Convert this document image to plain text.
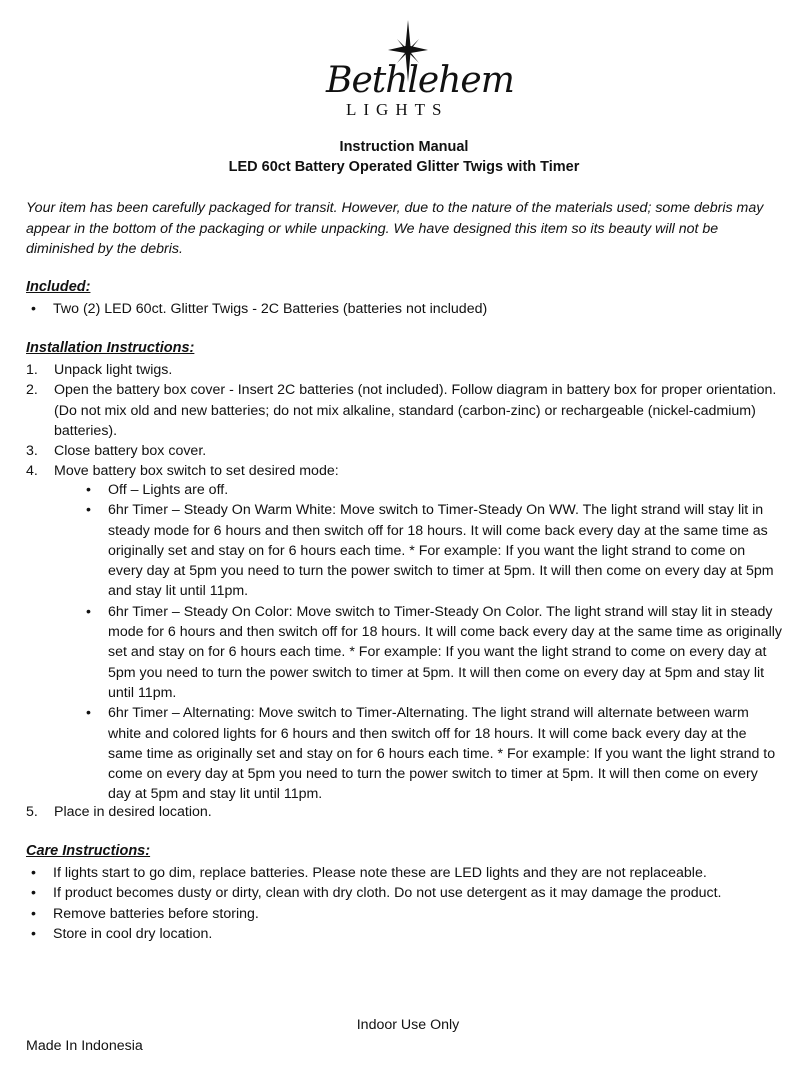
Bethlehem
LIGHTS
Instruction Manual
LED 60ct Battery Operated Glitter Twigs with Timer
Your item has been carefully packaged for transit. However, due to the nature of the materials used; some debris may appear in the bottom of the packaging or while unpacking. We have designed this item so its beauty will not be diminished by the debris.
Included:
• Two (2) LED 60ct. Glitter Twigs - 2C Batteries (batteries not included)
Installation Instructions:
1. Unpack light twigs.
2. Open the battery box cover - Insert 2C batteries (not included). Follow diagram in battery box for proper orientation. (Do not mix old and new batteries; do not mix alkaline, standard (carbon-zinc) or rechargeable (nickel-cadmium) batteries).
3. Close battery box cover.
4. Move battery box switch to set desired mode:
• Off – Lights are off.
• 6hr Timer – Steady On Warm White: Move switch to Timer-Steady On WW. The light strand will stay lit in steady mode for 6 hours and then switch off for 18 hours. It will come back every day at the same time as originally set and stay on for 6 hours each time. * For example: If you want the light strand to come on every day at 5pm you need to turn the power switch to timer at 5pm. It will then come on every day at 5pm and stay lit until 11pm.
• 6hr Timer – Steady On Color: Move switch to Timer-Steady On Color. The light strand will stay lit in steady mode for 6 hours and then switch off for 18 hours. It will come back every day at the same time as originally set and stay on for 6 hours each time. * For example: If you want the light strand to come on every day at 5pm you need to turn the power switch to timer at 5pm. It will then come on every day at 5pm and stay lit until 11pm.
• 6hr Timer – Alternating: Move switch to Timer-Alternating. The light strand will alternate between warm white and colored lights for 6 hours and then switch off for 18 hours. It will come back every day at the same time as originally set and stay on for 6 hours each time. * For example: If you want the light strand to come on every day at 5pm you need to turn the power switch to timer at 5pm. It will then come on every day at 5pm and stay lit until 11pm.
5. Place in desired location.
Care Instructions:
• If lights start to go dim, replace batteries. Please note these are LED lights and they are not replaceable.
• If product becomes dusty or dirty, clean with dry cloth. Do not use detergent as it may damage the product.
• Remove batteries before storing.
• Store in cool dry location.
Indoor Use Only
Made In Indonesia
